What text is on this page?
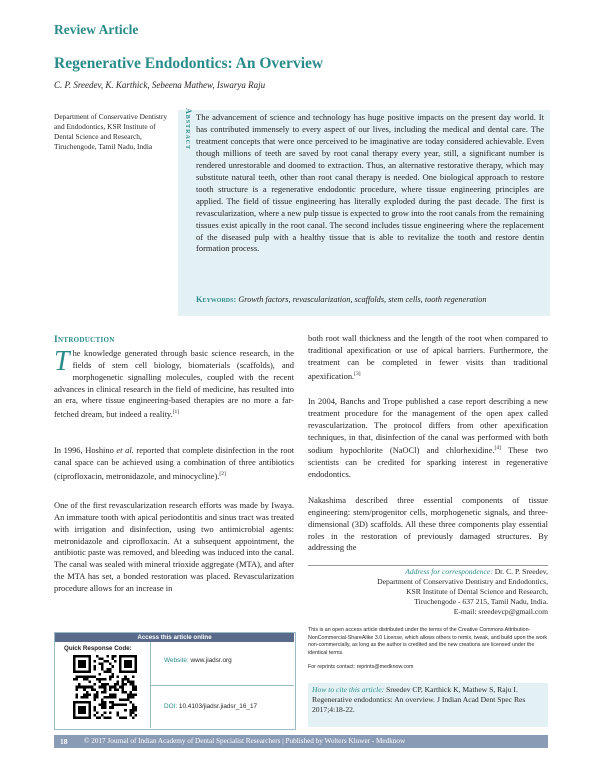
Review Article
Regenerative Endodontics: An Overview
C. P. Sreedev, K. Karthick, Sebeena Mathew, Iswarya Raju
Department of Conservative Dentistry and Endodontics, KSR Institute of Dental Science and Research, Tiruchengode, Tamil Nadu, India	Abstract The advancement of science and technology has huge positive impacts on the present day world. It has contributed immensely to every aspect of our lives, including the medical and dental care. The treatment concepts that were once perceived to be imaginative are today considered achievable. Even though millions of teeth are saved by root canal therapy every year, still, a significant number is rendered unrestorable and doomed to extraction. Thus, an alternative restorative therapy, which may substitute natural teeth, other than root canal therapy is needed. One biological approach to restore tooth structure is a regenerative endodontic procedure, where tissue engineering principles are applied. The field of tissue engineering has literally exploded during the past decade. The first is revascularization, where a new pulp tissue is expected to grow into the root canals from the remaining tissues exist apically in the root canal. The second includes tissue engineering where the replacement of the diseased pulp with a healthy tissue that is able to revitalize the tooth and restore dentin formation process.
Keywords: Growth factors, revascularization, scaffolds, stem cells, tooth regeneration
Introduction
The knowledge generated through basic science research, in the fields of stem cell biology, biomaterials (scaffolds), and morphogenetic signalling molecules, coupled with the recent advances in clinical research in the field of medicine, has resulted into an era, where tissue engineering-based therapies are no more a far-fetched dream, but indeed a reality.[1]
In 1996, Hoshino et al. reported that complete disinfection in the root canal space can be achieved using a combination of three antibiotics (ciprofloxacin, metronidazole, and minocycline).[2]
One of the first revascularization research efforts was made by Iwaya. An immature tooth with apical periodontitis and sinus tract was treated with irrigation and disinfection, using two antimicrobial agents: metronidazole and ciprofloxacin. At a subsequent appointment, the antibiotic paste was removed, and bleeding was induced into the canal. The canal was sealed with mineral trioxide aggregate (MTA), and after the MTA has set, a bonded restoration was placed. Revascularization procedure allows for an increase in
both root wall thickness and the length of the root when compared to traditional apexification or use of apical barriers. Furthermore, the treatment can be completed in fewer visits than traditional apexification.[3]
In 2004, Banchs and Trope published a case report describing a new treatment procedure for the management of the open apex called revascularization. The protocol differs from other apexification techniques, in that, disinfection of the canal was performed with both sodium hypochlorite (NaOCl) and chlorhexidine.[4] These two scientists can be credited for sparking interest in regenerative endodontics.
Nakashima described three essential components of tissue engineering: stem/progenitor cells, morphogenetic signals, and three-dimensional (3D) scaffolds. All these three components play essential roles in the restoration of previously damaged structures. By addressing the
Address for correspondence: Dr. C. P. Sreedev,
Department of Conservative Dentistry and Endodontics,
KSR Institute of Dental Science and Research,
Tiruchengode - 637 215, Tamil Nadu, India.
E-mail: sreedevcp@gmail.com
This is an open access article distributed under the terms of the Creative Commons Attribution-NonCommercial-ShareAlike 3.0 License, which allows others to remix, tweak, and build upon the work non-commercially, as long as the author is credited and the new creations are licensed under the identical terms.
For reprints contact: reprints@medknow.com
How to cite this article: Sreedev CP, Karthick K, Mathew S, Raju I. Regenerative endodontics: An overview. J Indian Acad Dent Spec Res 2017;4:18-22.
Access this article online
Quick Response Code:
Website: www.jiadsr.org
DOI: 10.4103/jiadsr.jiadsr_16_17
18 © 2017 Journal of Indian Academy of Dental Specialist Researchers | Published by Wolters Kluwer - Medknow
